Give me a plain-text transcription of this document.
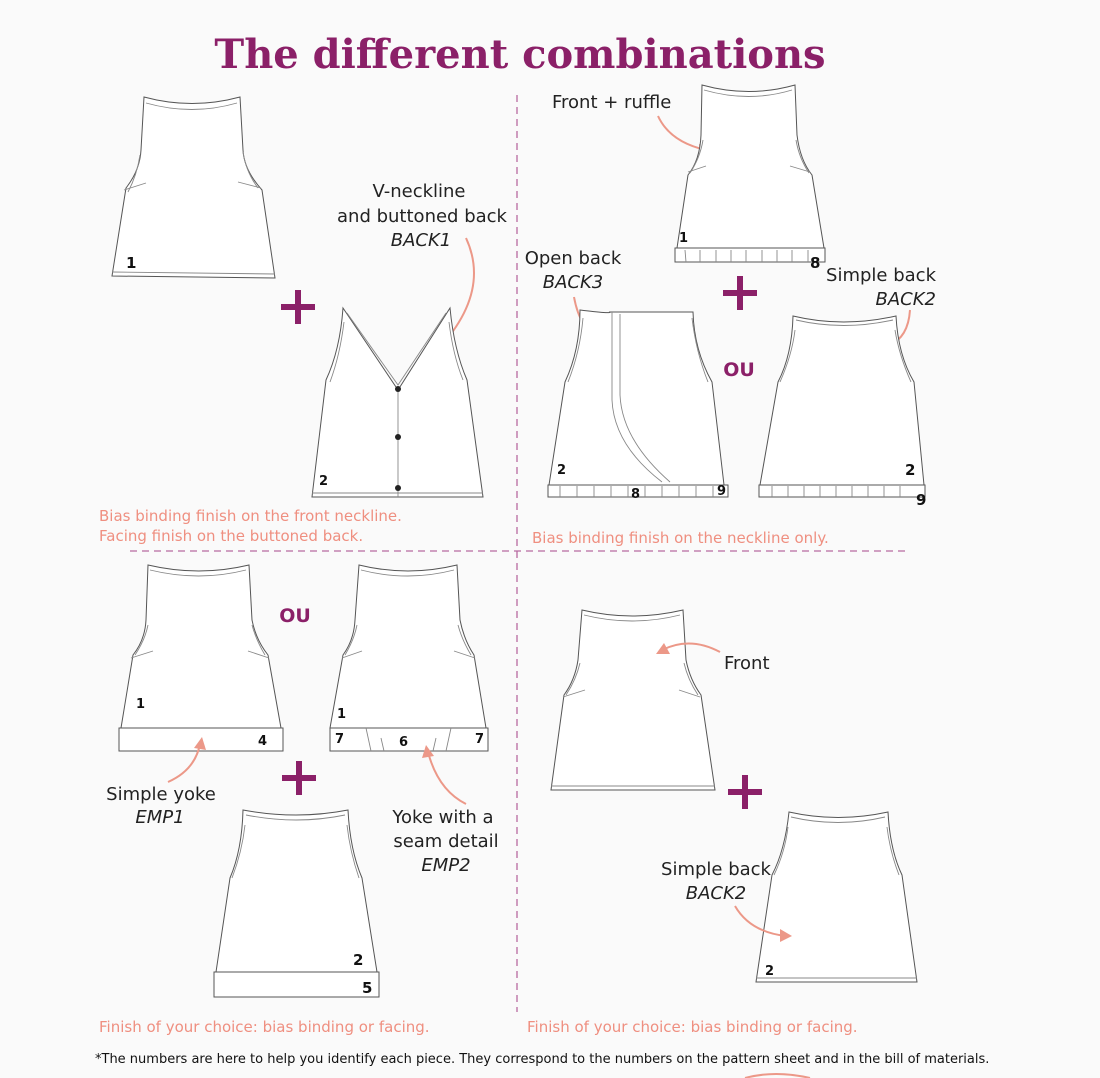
The different combinations
1
V-neckline
and buttoned back
BACK1
2
Bias binding finish on the front neckline.
Facing finish on the buttoned back.
Front + ruffle
1
8
Open back
BACK3
2
8	9
OU
Simple back
BACK2
2
9
Bias binding finish on the neckline only.
1
4
OU
1
7	6	7
Simple yoke
EMP1	Yoke with a
seam detail
EMP2
2
5
Finish of your choice: bias binding or facing.
Front
Simple back
BACK2
2
Finish of your choice: bias binding or facing.
*The numbers are here to help you identify each piece. They correspond to the numbers on the pattern sheet and in the bill of materials.
